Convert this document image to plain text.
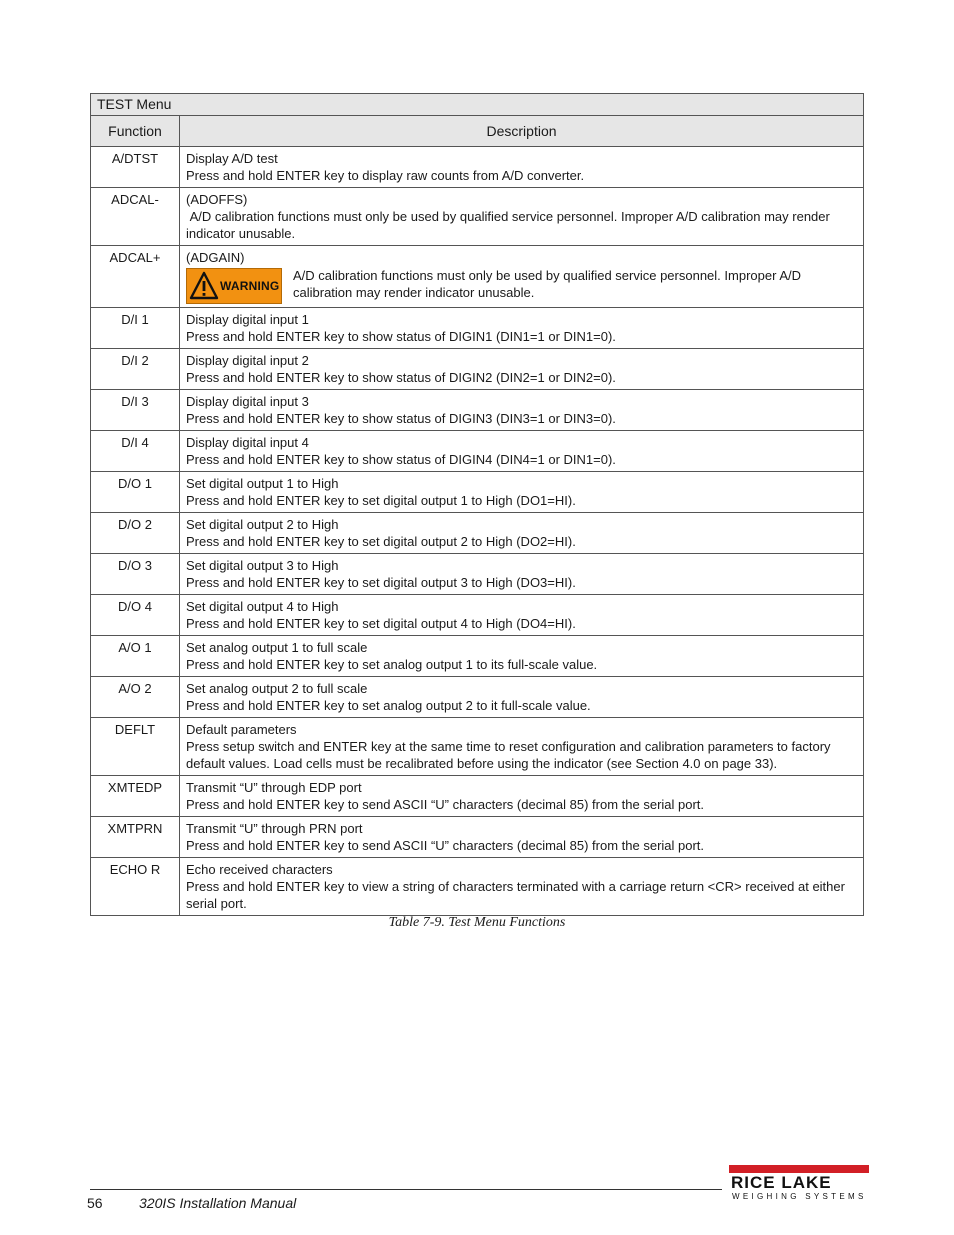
TEST Menu	
Function	Description
A/DTST	Display A/D test
Press and hold ENTER key to display raw counts from A/D converter.

ADCAL-	(ADOFFS)
A/D calibration functions must only be used by qualified service personnel. Improper A/D calibration may render indicator unusable.

ADCAL+	(ADGAIN)
WARNING
A/D calibration functions must only be used by qualified service personnel. Improper A/D calibration may render indicator unusable.

D/I 1	Display digital input 1
Press and hold ENTER key to show status of DIGIN1 (DIN1=1 or DIN1=0).

D/I 2	Display digital input 2
Press and hold ENTER key to show status of DIGIN2 (DIN2=1 or DIN2=0).

D/I 3	Display digital input 3
Press and hold ENTER key to show status of DIGIN3 (DIN3=1 or DIN3=0).

D/I 4	Display digital input 4
Press and hold ENTER key to show status of DIGIN4 (DIN4=1 or DIN1=0).

D/O 1	Set digital output 1 to High
Press and hold ENTER key to set digital output 1 to High (DO1=HI).

D/O 2	Set digital output 2 to High
Press and hold ENTER key to set digital output 2 to High (DO2=HI).

D/O 3	Set digital output 3 to High
Press and hold ENTER key to set digital output 3 to High (DO3=HI).

D/O 4	Set digital output 4 to High
Press and hold ENTER key to set digital output 4 to High (DO4=HI).

A/O 1	Set analog output 1 to full scale
Press and hold ENTER key to set analog output 1 to its full-scale value.

A/O 2	Set analog output 2 to full scale
Press and hold ENTER key to set analog output 2 to it full-scale value.

DEFLT	Default parameters
Press setup switch and ENTER key at the same time to reset configuration and calibration parameters to factory default values. Load cells must be recalibrated before using the indicator (see Section 4.0 on page 33).

XMTEDP	Transmit “U” through EDP port
Press and hold ENTER key to send ASCII “U” characters (decimal 85) from the serial port.

XMTPRN	Transmit “U” through PRN port
Press and hold ENTER key to send ASCII “U” characters (decimal 85) from the serial port.

ECHO R	Echo received characters
Press and hold ENTER key to view a string of characters terminated with a carriage return <CR> received at either serial port.
Table 7-9. Test Menu Functions
56	320IS Installation Manual
RICE LAKE
WEIGHING SYSTEMS
